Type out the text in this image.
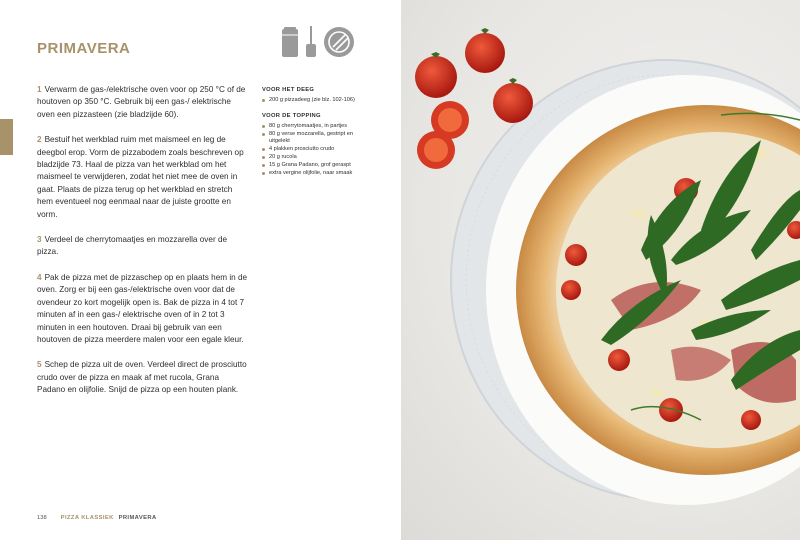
PRIMAVERA

1 Verwarm de gas-/elektrische oven voor op 250 °C of de houtoven op 350 °C. Gebruik bij een gas-/ elektrische oven een pizzasteen (zie bladzijde 60).

2 Bestuif het werkblad ruim met maismeel en leg de deegbol erop. Vorm de pizzabodem zoals beschreven op bladzijde 73. Haal de pizza van het werkblad om het maismeel te verwijderen, zodat het niet mee de oven in gaat. Plaats de pizza terug op het werkblad en stretch hem eventueel nog eenmaal naar de juiste grootte en vorm.

3 Verdeel de cherrytomaatjes en mozzarella over de pizza.

4 Pak de pizza met de pizzaschep op en plaats hem in de oven. Zorg er bij een gas-/elektrische oven voor dat de ovendeur zo kort mogelijk open is. Bak de pizza in 4 tot 7 minuten af in een gas-/ elektrische oven of in 2 tot 3 minuten in een houtoven. Draai bij gebruik van een houtoven de pizza meerdere malen voor een egale kleur.

5 Schep de pizza uit de oven. Verdeel direct de prosciutto crudo over de pizza en maak af met rucola, Grana Padano en olijfolie. Snijd de pizza op een houten plank.

VOOR HET DEEG
200 g pizzadeeg (zie blz. 102-106)
VOOR DE TOPPING
80 g cherrytomaatjes, in partjes
80 g verse mozzarella, gestript en uitgelekt
4 plakken prosciutto crudo
20 g rucola
15 g Grana Padano, grof geraspt
extra vergine olijfolie, naar smaak
138 PIZZA KLASSIEK PRIMAVERA
